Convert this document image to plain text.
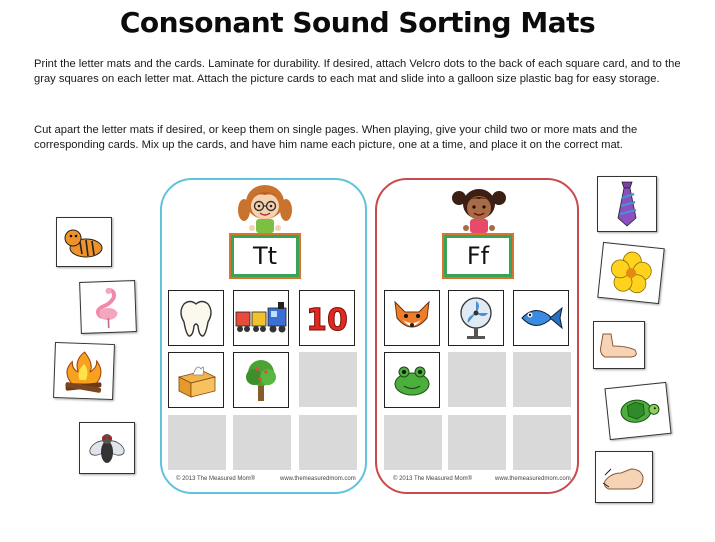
Consonant Sound Sorting Mats
Print the letter mats and the cards. Laminate for durability. If desired, attach Velcro dots to the back of each square card, and to the gray squares on each letter mat. Attach the picture cards to each mat and slide into a galloon size plastic bag for easy storage.
Cut apart the letter mats if desired, or keep them on single pages. When playing, give your child two or more mats and the corresponding cards. Mix up the cards, and have him name each picture, one at a time, and place it on the correct mat.
Tt
10
© 2013 The Measured Mom®	www.themeasuredmom.com
Ff
© 2013 The Measured Mom®	www.themeasuredmom.com
